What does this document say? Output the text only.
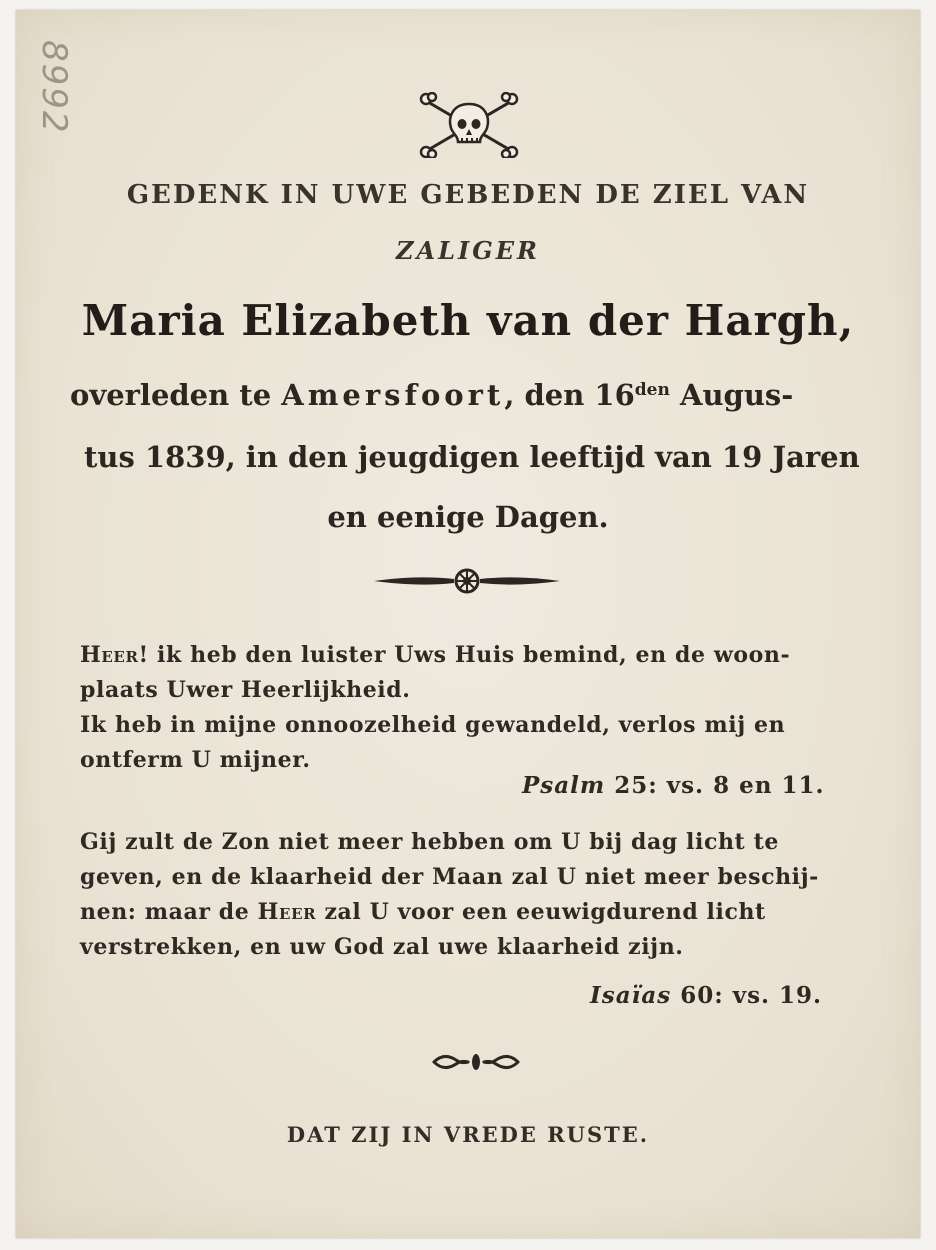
8992
GEDENK IN UWE GEBEDEN DE ZIEL VAN
ZALIGER
Maria Elizabeth van der Hargh,
overleden te Amersfoort, den $16^{den}$ Augus-
tus 1839, in den jeugdigen leeftijd van 19 Jaren
en eenige Dagen.
Heer! ik heb den luister Uws Huis bemind, en de woon-
plaats Uwer Heerlijkheid.
Ik heb in mijne onnoozelheid gewandeld, verlos mij en
ontferm U mijner.
Psalm 25: vs. 8 en 11.
Gij zult de Zon niet meer hebben om U bij dag licht te
geven, en de klaarheid der Maan zal U niet meer beschij-
nen: maar de Heer zal U voor een eeuwigdurend licht
verstrekken, en uw God zal uwe klaarheid zijn.
Isaïas 60: vs. 19.
DAT ZIJ IN VREDE RUSTE.
